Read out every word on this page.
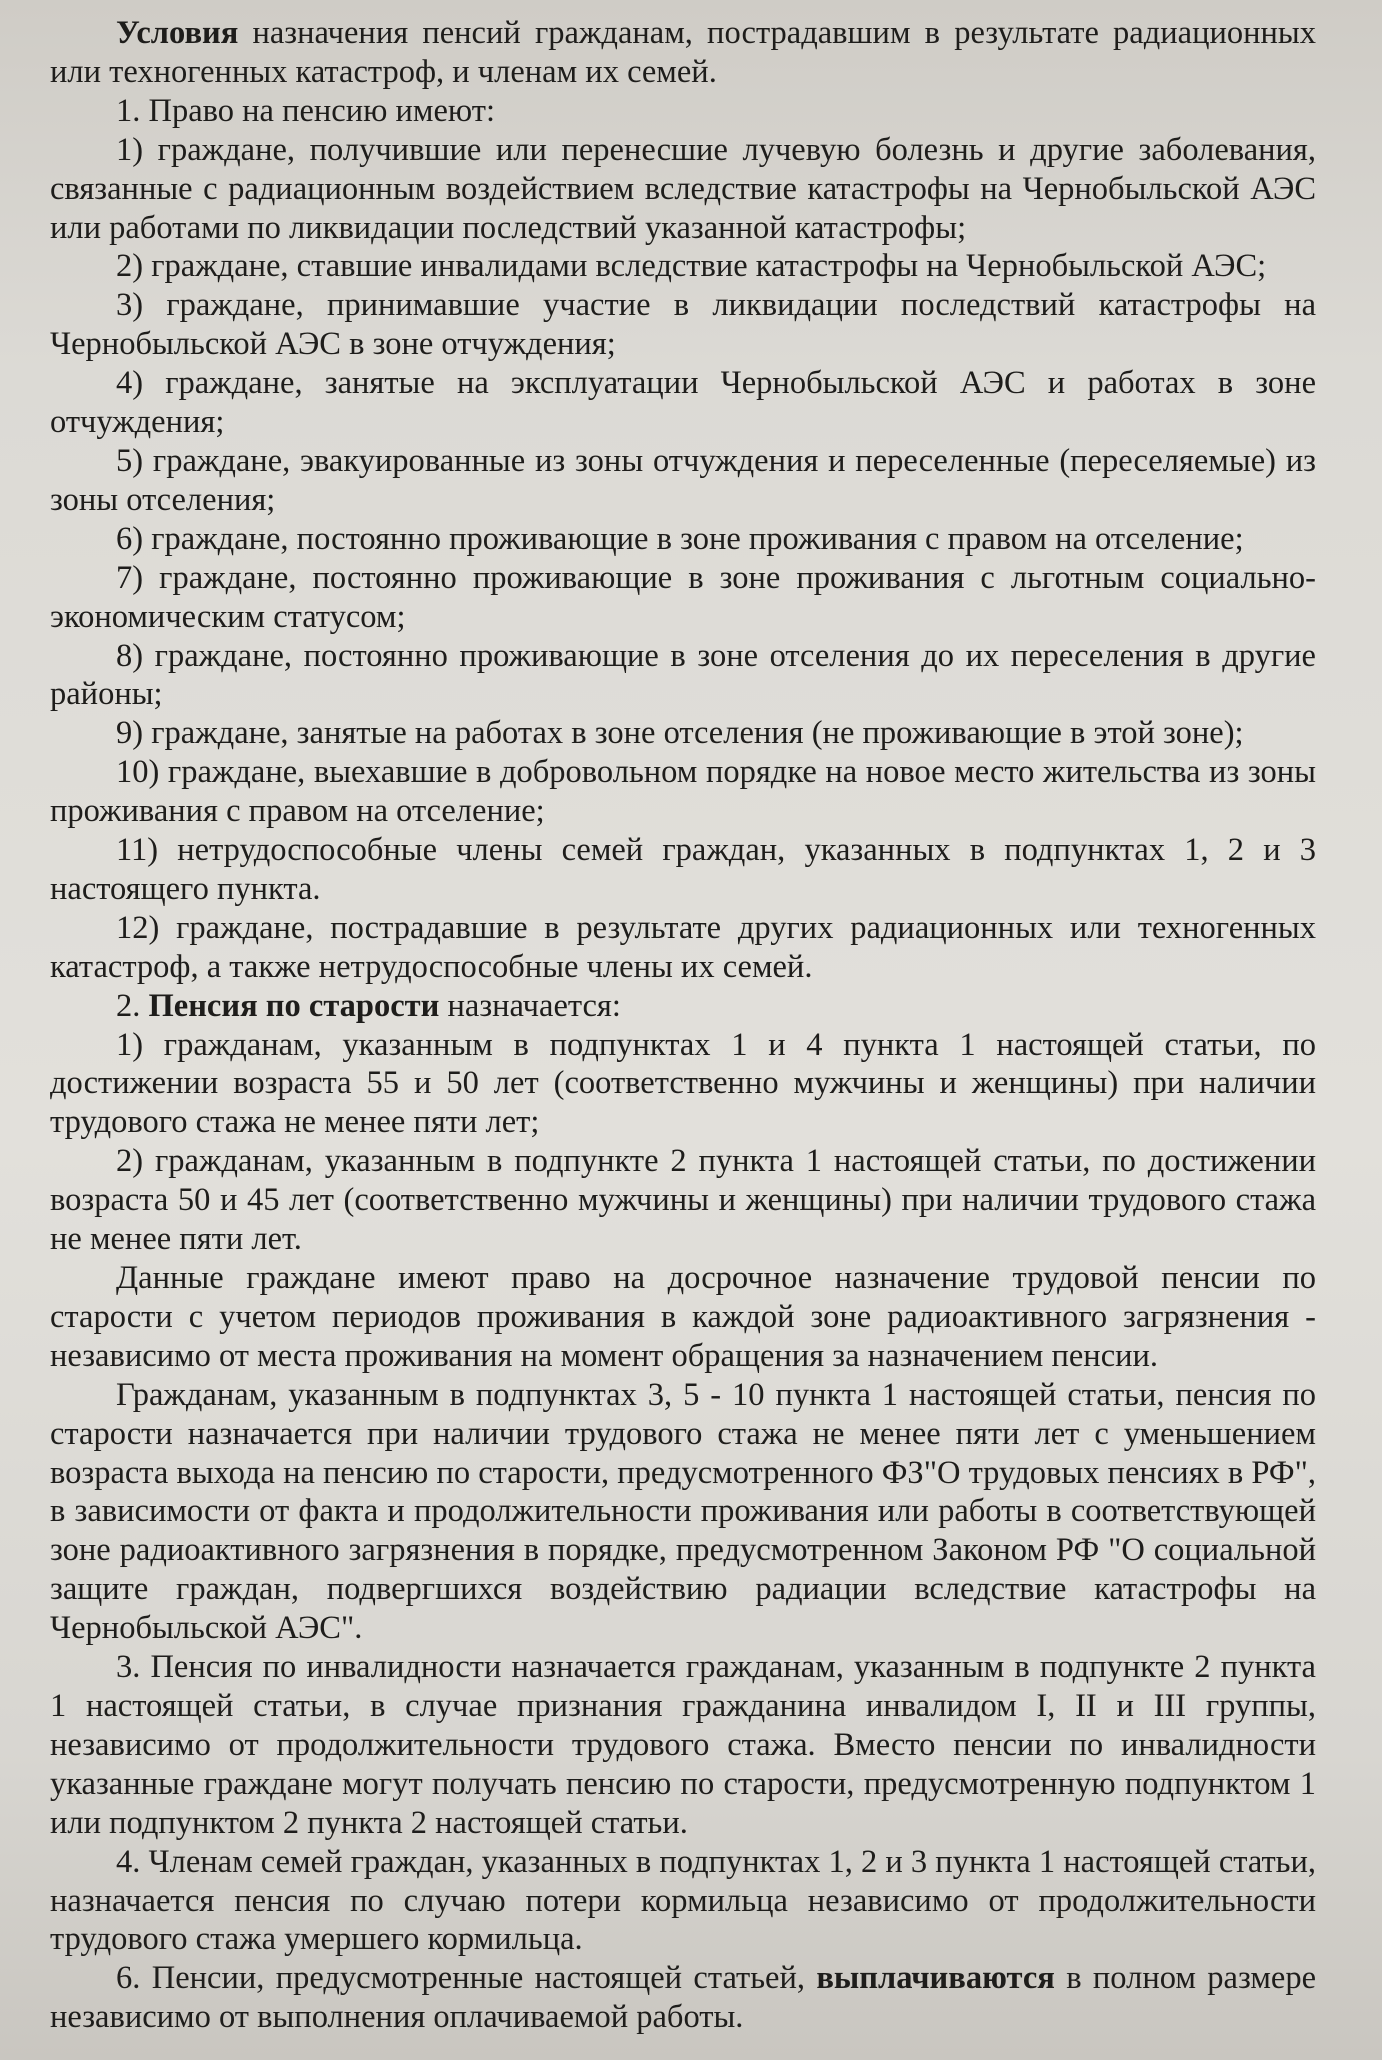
Условия назначения пенсий гражданам, пострадавшим в результате радиационных или техногенных катастроф, и членам их семей.

1. Право на пенсию имеют:

1) граждане, получившие или перенесшие лучевую болезнь и другие заболевания, связанные с радиационным воздействием вследствие катастрофы на Чернобыльской АЭС или работами по ликвидации последствий указанной катастрофы;

2) граждане, ставшие инвалидами вследствие катастрофы на Чернобыльской АЭС;

3) граждане, принимавшие участие в ликвидации последствий катастрофы на Чернобыльской АЭС в зоне отчуждения;

4) граждане, занятые на эксплуатации Чернобыльской АЭС и работах в зоне отчуждения;

5) граждане, эвакуированные из зоны отчуждения и переселенные (переселяемые) из зоны отселения;

6) граждане, постоянно проживающие в зоне проживания с правом на отселение;

7) граждане, постоянно проживающие в зоне проживания с льготным социально-экономическим статусом;

8) граждане, постоянно проживающие в зоне отселения до их переселения в другие районы;

9) граждане, занятые на работах в зоне отселения (не проживающие в этой зоне);

10) граждане, выехавшие в добровольном порядке на новое место жительства из зоны проживания с правом на отселение;

11) нетрудоспособные члены семей граждан, указанных в подпунктах 1, 2 и 3 настоящего пункта.

12) граждане, пострадавшие в результате других радиационных или техногенных катастроф, а также нетрудоспособные члены их семей.

2. Пенсия по старости назначается:

1) гражданам, указанным в подпунктах 1 и 4 пункта 1 настоящей статьи, по достижении возраста 55 и 50 лет (соответственно мужчины и женщины) при наличии трудового стажа не менее пяти лет;

2) гражданам, указанным в подпункте 2 пункта 1 настоящей статьи, по достижении возраста 50 и 45 лет (соответственно мужчины и женщины) при наличии трудового стажа не менее пяти лет.

Данные граждане имеют право на досрочное назначение трудовой пенсии по старости с учетом периодов проживания в каждой зоне радиоактивного загрязнения - независимо от места проживания на момент обращения за назначением пенсии.

Гражданам, указанным в подпунктах 3, 5 - 10 пункта 1 настоящей статьи, пенсия по старости назначается при наличии трудового стажа не менее пяти лет с уменьшением возраста выхода на пенсию по старости, предусмотренного ФЗ"О трудовых пенсиях в РФ", в зависимости от факта и продолжительности проживания или работы в соответствующей зоне радиоактивного загрязнения в порядке, предусмотренном Законом РФ "О социальной защите граждан, подвергшихся воздействию радиации вследствие катастрофы на Чернобыльской АЭС".

3. Пенсия по инвалидности назначается гражданам, указанным в подпункте 2 пункта 1 настоящей статьи, в случае признания гражданина инвалидом I, II и III группы, независимо от продолжительности трудового стажа. Вместо пенсии по инвалидности указанные граждане могут получать пенсию по старости, предусмотренную подпунктом 1 или подпунктом 2 пункта 2 настоящей статьи.

4. Членам семей граждан, указанных в подпунктах 1, 2 и 3 пункта 1 настоящей статьи, назначается пенсия по случаю потери кормильца независимо от продолжительности трудового стажа умершего кормильца.

6. Пенсии, предусмотренные настоящей статьей, выплачиваются в полном размере независимо от выполнения оплачиваемой работы.
